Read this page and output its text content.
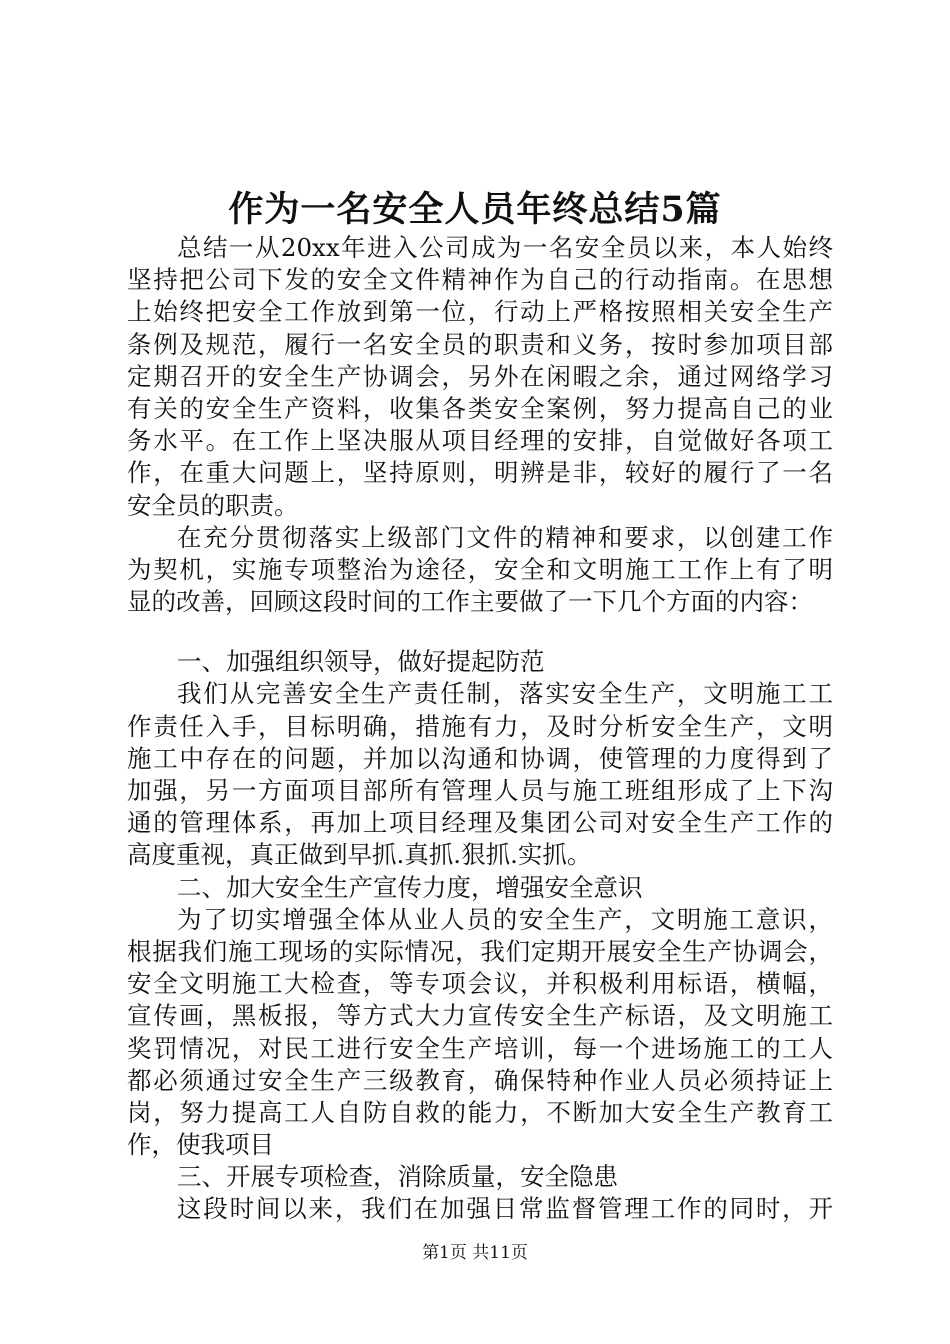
作为一名安全人员年终总结5篇
总结一从20xx年进入公司成为一名安全员以来，本人始终
坚持把公司下发的安全文件精神作为自己的行动指南。在思想
上始终把安全工作放到第一位，行动上严格按照相关安全生产
条例及规范，履行一名安全员的职责和义务，按时参加项目部
定期召开的安全生产协调会，另外在闲暇之余，通过网络学习
有关的安全生产资料，收集各类安全案例，努力提高自己的业
务水平。在工作上坚决服从项目经理的安排，自觉做好各项工
作，在重大问题上，坚持原则，明辨是非，较好的履行了一名
安全员的职责。
在充分贯彻落实上级部门文件的精神和要求，以创建工作
为契机，实施专项整治为途径，安全和文明施工工作上有了明
显的改善，回顾这段时间的工作主要做了一下几个方面的内容：
一、加强组织领导，做好提起防范
我们从完善安全生产责任制，落实安全生产，文明施工工
作责任入手，目标明确，措施有力，及时分析安全生产，文明
施工中存在的问题，并加以沟通和协调，使管理的力度得到了
加强，另一方面项目部所有管理人员与施工班组形成了上下沟
通的管理体系，再加上项目经理及集团公司对安全生产工作的
高度重视，真正做到早抓.真抓.狠抓.实抓。
二、加大安全生产宣传力度，增强安全意识
为了切实增强全体从业人员的安全生产，文明施工意识，
根据我们施工现场的实际情况，我们定期开展安全生产协调会，
安全文明施工大检查，等专项会议，并积极利用标语，横幅，
宣传画，黑板报，等方式大力宣传安全生产标语，及文明施工
奖罚情况，对民工进行安全生产培训，每一个进场施工的工人
都必须通过安全生产三级教育，确保特种作业人员必须持证上
岗，努力提高工人自防自救的能力，不断加大安全生产教育工
作，使我项目
三、开展专项检查，消除质量，安全隐患
这段时间以来，我们在加强日常监督管理工作的同时，开
第1页 共11页
